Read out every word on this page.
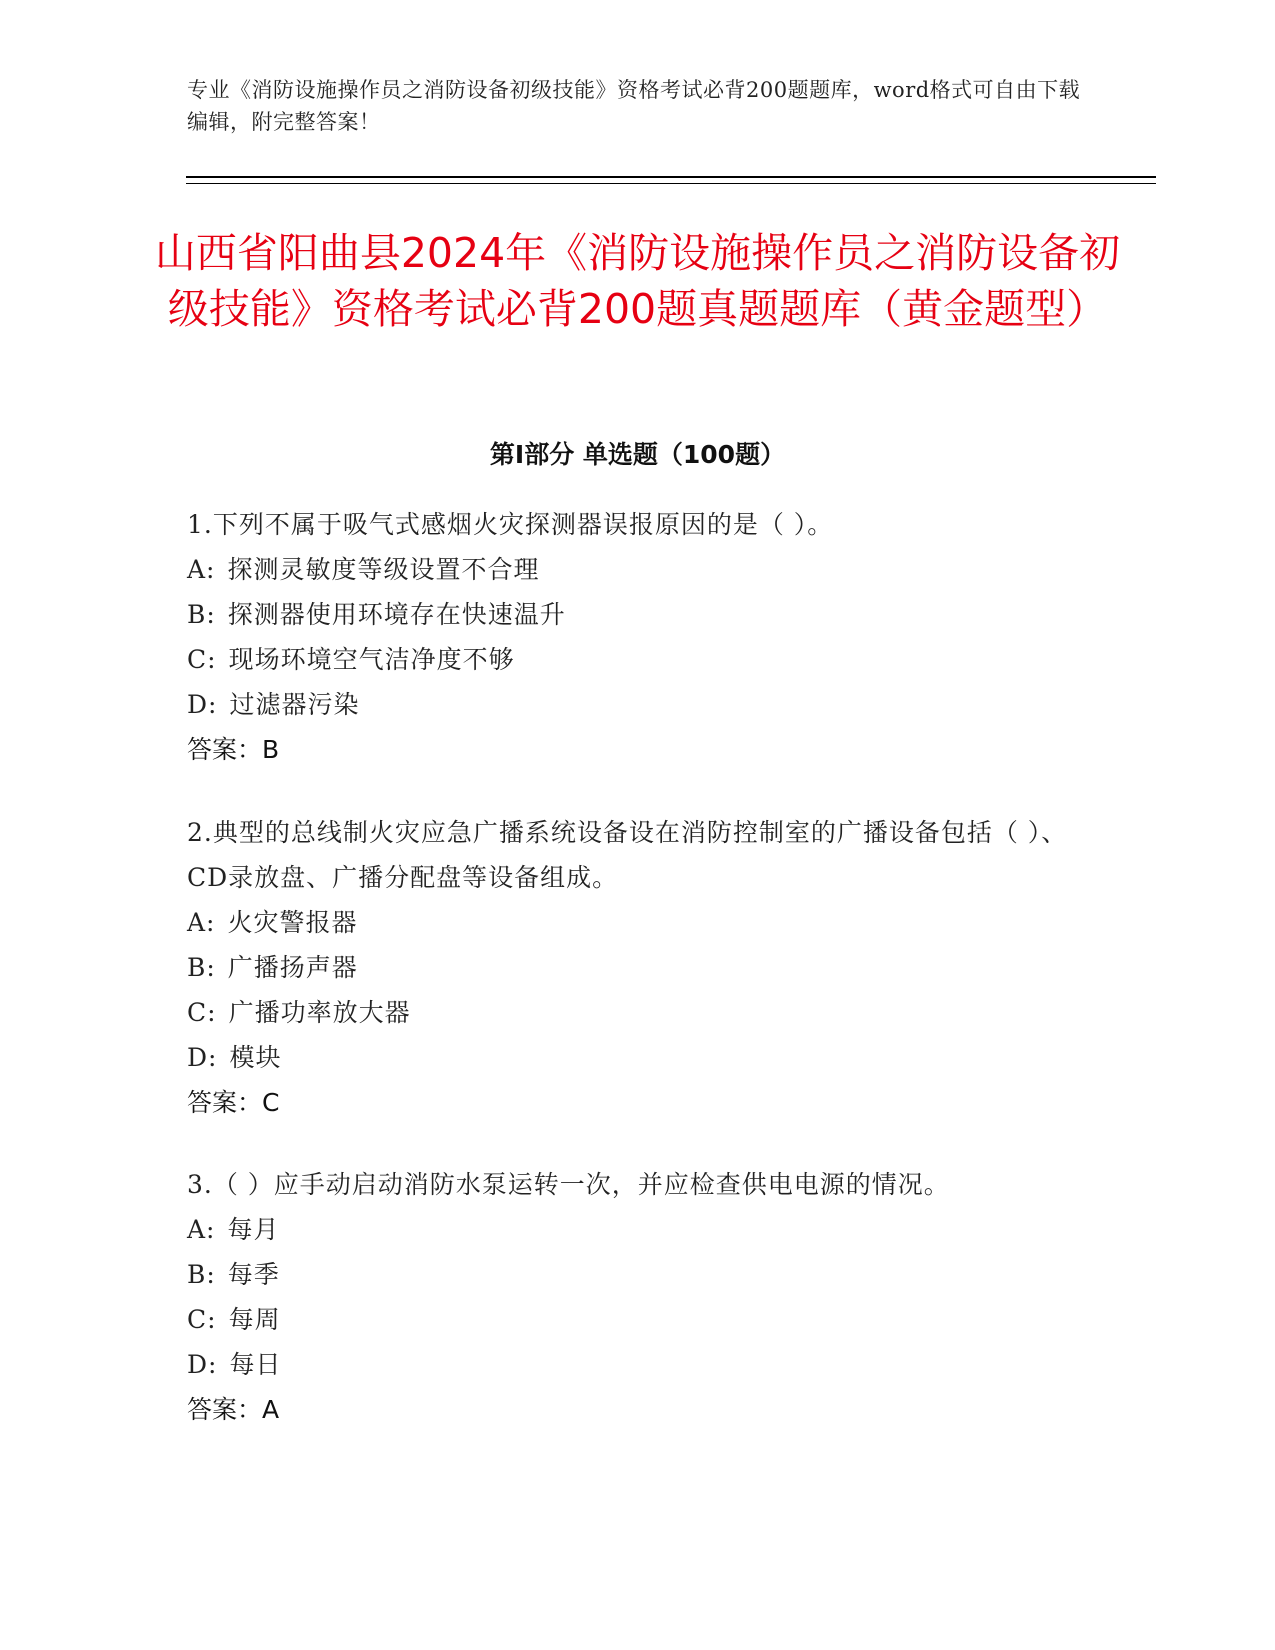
专业《消防设施操作员之消防设备初级技能》资格考试必背200题题库，word格式可自由下载编辑，附完整答案！
山西省阳曲县2024年《消防设施操作员之消防设备初级技能》资格考试必背200题真题题库（黄金题型）
第Ⅰ部分 单选题（100题）

1.下列不属于吸气式感烟火灾探测器误报原因的是（ ）。

A: 探测灵敏度等级设置不合理

B: 探测器使用环境存在快速温升

C: 现场环境空气洁净度不够

D: 过滤器污染

答案：B

2.典型的总线制火灾应急广播系统设备设在消防控制室的广播设备包括（ ）、CD录放盘、广播分配盘等设备组成。

A: 火灾警报器

B: 广播扬声器

C: 广播功率放大器

D: 模块

答案：C

3.（ ）应手动启动消防水泵运转一次，并应检查供电电源的情况。

A: 每月

B: 每季

C: 每周

D: 每日

答案：A
